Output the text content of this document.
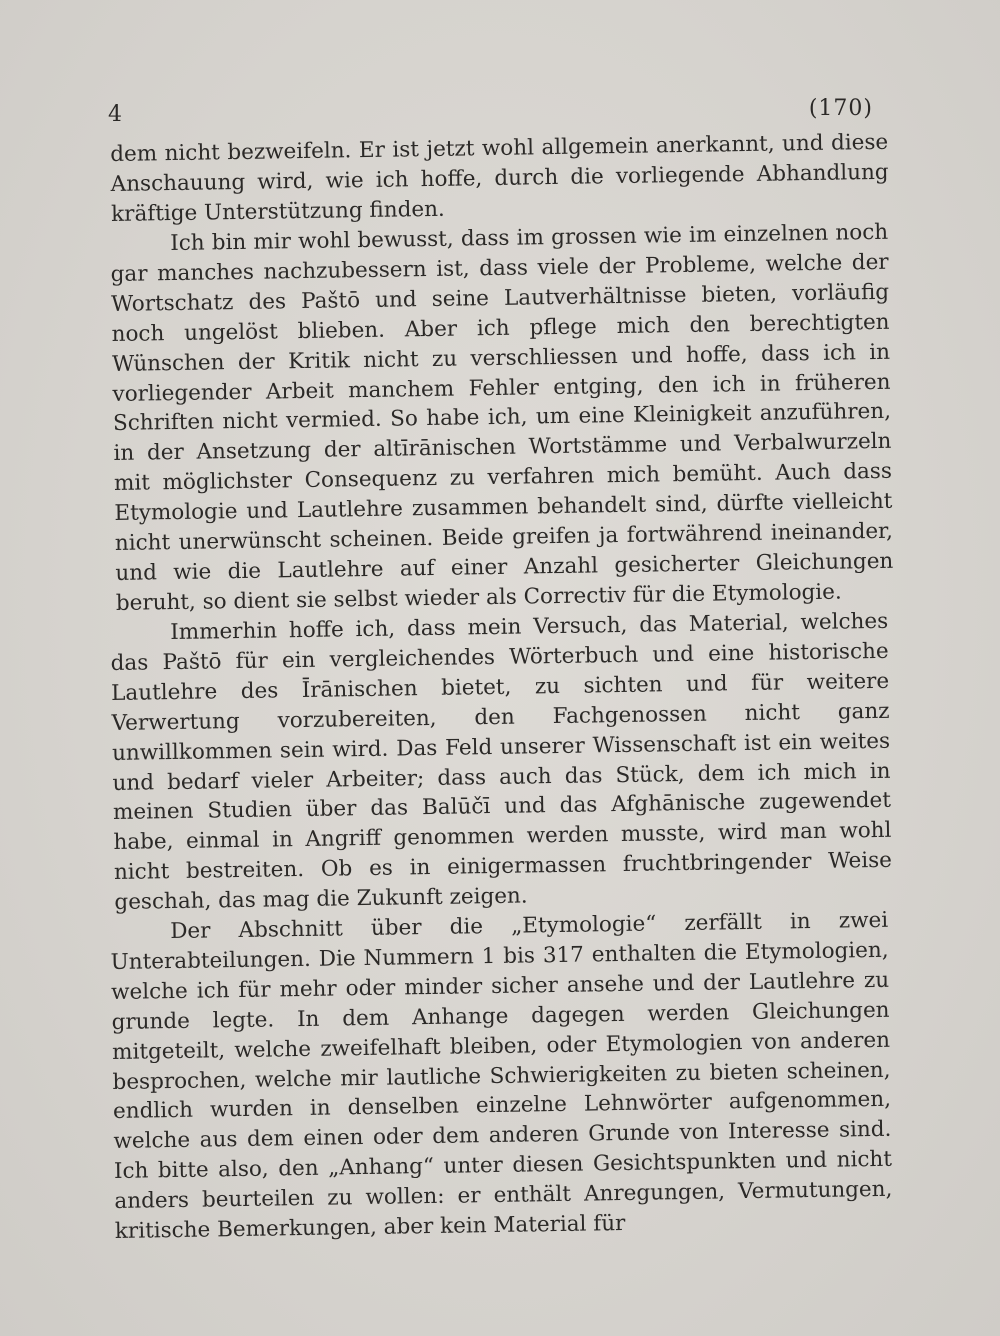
4	(170)

dem nicht bezweifeln. Er ist jetzt wohl allgemein anerkannt, und diese Anschauung wird, wie ich hoffe, durch die vorliegende Abhandlung kräftige Unterstützung finden.

Ich bin mir wohl bewusst, dass im grossen wie im einzelnen noch gar manches nachzubessern ist, dass viele der Probleme, welche der Wortschatz des Paštō und seine Lautverhältnisse bieten, vorläufig noch ungelöst blieben. Aber ich pflege mich den berechtigten Wünschen der Kritik nicht zu verschliessen und hoffe, dass ich in vorliegender Arbeit manchem Fehler entging, den ich in früheren Schriften nicht vermied. So habe ich, um eine Kleinigkeit anzuführen, in der Ansetzung der altīrānischen Wortstämme und Verbalwurzeln mit möglichster Consequenz zu verfahren mich bemüht. Auch dass Etymologie und Lautlehre zusammen behandelt sind, dürfte vielleicht nicht unerwünscht scheinen. Beide greifen ja fortwährend ineinander, und wie die Lautlehre auf einer Anzahl gesicherter Gleichungen beruht, so dient sie selbst wieder als Correctiv für die Etymologie.

Immerhin hoffe ich, dass mein Versuch, das Material, welches das Paštō für ein vergleichendes Wörterbuch und eine historische Lautlehre des Īrānischen bietet, zu sichten und für weitere Verwertung vorzubereiten, den Fachgenossen nicht ganz unwillkommen sein wird. Das Feld unserer Wissenschaft ist ein weites und bedarf vieler Arbeiter; dass auch das Stück, dem ich mich in meinen Studien über das Balūčī und das Afghānische zugewendet habe, einmal in Angriff genommen werden musste, wird man wohl nicht bestreiten. Ob es in einigermassen fruchtbringender Weise geschah, das mag die Zukunft zeigen.

Der Abschnitt über die „Etymologie“ zerfällt in zwei Unterabteilungen. Die Nummern 1 bis 317 enthalten die Etymologien, welche ich für mehr oder minder sicher ansehe und der Lautlehre zu grunde legte. In dem Anhange dagegen werden Gleichungen mitgeteilt, welche zweifelhaft bleiben, oder Etymologien von anderen besprochen, welche mir lautliche Schwierigkeiten zu bieten scheinen, endlich wurden in denselben einzelne Lehnwörter aufgenommen, welche aus dem einen oder dem anderen Grunde von Interesse sind. Ich bitte also, den „Anhang“ unter diesen Gesichtspunkten und nicht anders beurteilen zu wollen: er enthält Anregungen, Vermutungen, kritische Bemerkungen, aber kein Material für
